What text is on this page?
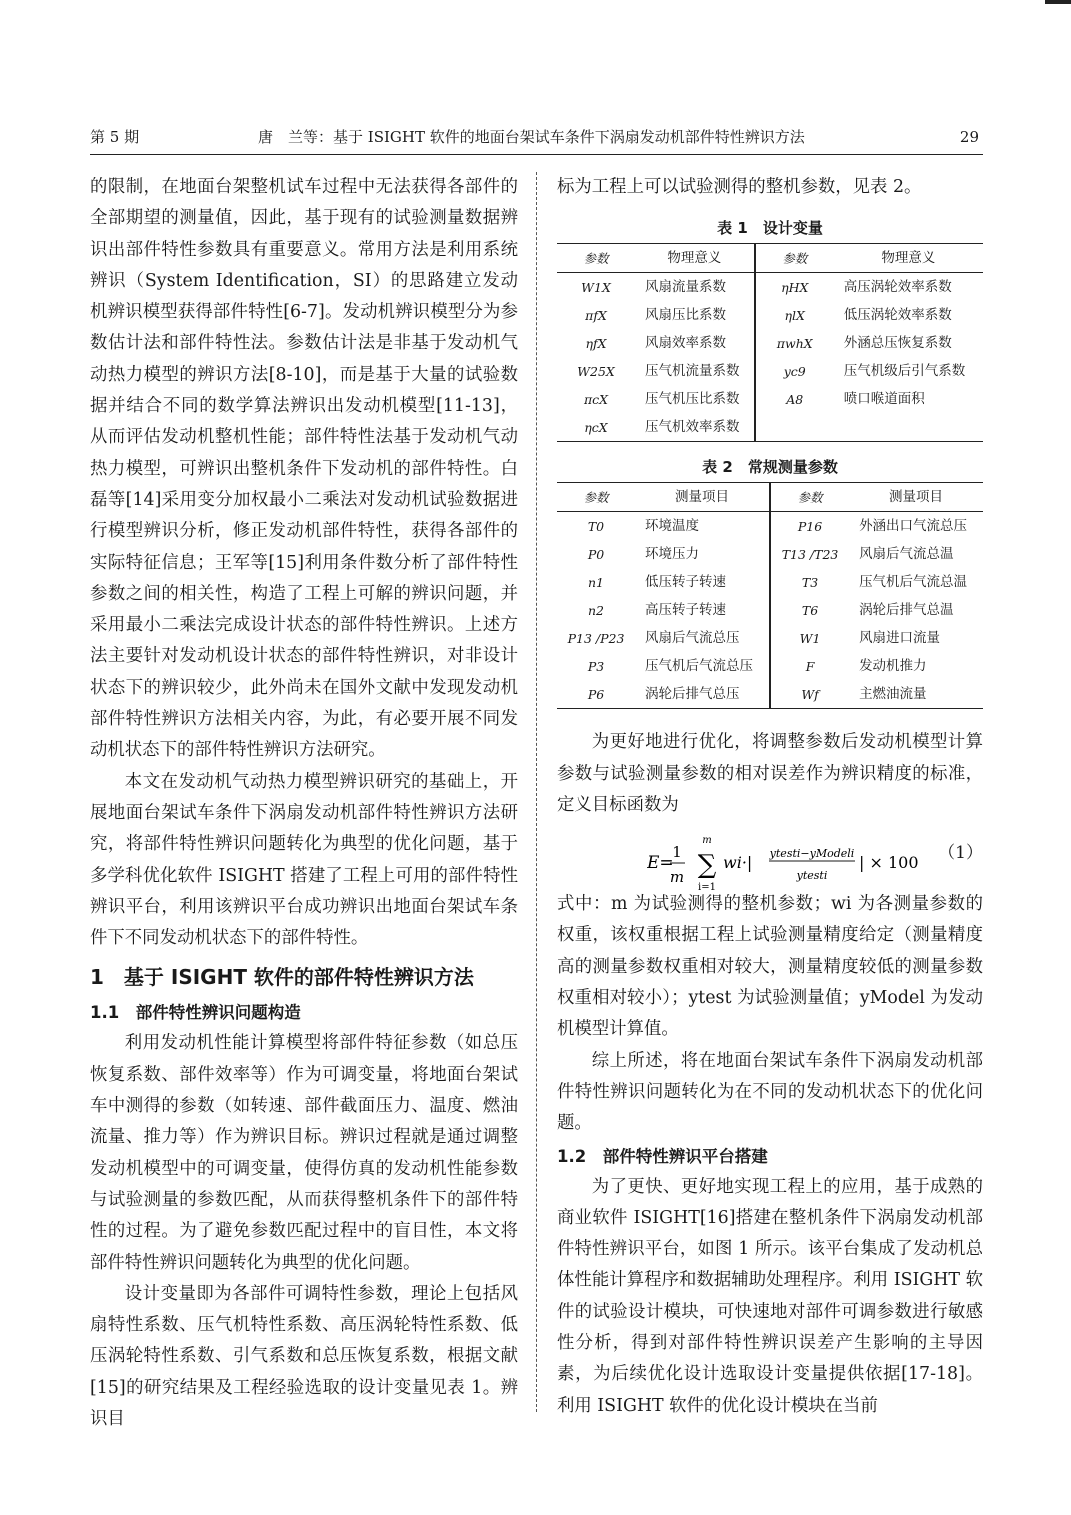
第 5 期	唐　兰等：基于 ISIGHT 软件的地面台架试车条件下涡扇发动机部件特性辨识方法	29

的限制，在地面台架整机试车过程中无法获得各部件的全部期望的测量值，因此，基于现有的试验测量数据辨识出部件特性参数具有重要意义。常用方法是利用系统辨识（System Identification，SI）的思路建立发动机辨识模型获得部件特性[6-7]。发动机辨识模型分为参数估计法和部件特性法。参数估计法是非基于发动机气动热力模型的辨识方法[8-10]，而是基于大量的试验数据并结合不同的数学算法辨识出发动机模型[11-13]，从而评估发动机整机性能；部件特性法基于发动机气动热力模型，可辨识出整机条件下发动机的部件特性。白磊等[14]采用变分加权最小二乘法对发动机试验数据进行模型辨识分析，修正发动机部件特性，获得各部件的实际特征信息；王军等[15]利用条件数分析了部件特性参数之间的相关性，构造了工程上可解的辨识问题，并采用最小二乘法完成设计状态的部件特性辨识。上述方法主要针对发动机设计状态的部件特性辨识，对非设计状态下的辨识较少，此外尚未在国外文献中发现发动机部件特性辨识方法相关内容，为此，有必要开展不同发动机状态下的部件特性辨识方法研究。

本文在发动机气动热力模型辨识研究的基础上，开展地面台架试车条件下涡扇发动机部件特性辨识方法研究，将部件特性辨识问题转化为典型的优化问题，基于多学科优化软件 ISIGHT 搭建了工程上可用的部件特性辨识平台，利用该辨识平台成功辨识出地面台架试车条件下不同发动机状态下的部件特性。

1　基于 ISIGHT 软件的部件特性辨识方法
1.1　部件特性辨识问题构造

利用发动机性能计算模型将部件特征参数（如总压恢复系数、部件效率等）作为可调变量，将地面台架试车中测得的参数（如转速、部件截面压力、温度、燃油流量、推力等）作为辨识目标。辨识过程就是通过调整发动机模型中的可调变量，使得仿真的发动机性能参数与试验测量的参数匹配，从而获得整机条件下的部件特性的过程。为了避免参数匹配过程中的盲目性，本文将部件特性辨识问题转化为典型的优化问题。

设计变量即为各部件可调特性参数，理论上包括风扇特性系数、压气机特性系数、高压涡轮特性系数、低压涡轮特性系数、引气系数和总压恢复系数，根据文献[15]的研究结果及工程经验选取的设计变量见表 1。辨识目

标为工程上可以试验测得的整机参数，见表 2。

表 1　设计变量
参数	物理意义	参数	物理意义
W1X	风扇流量系数	ηHX	高压涡轮效率系数
πfX	风扇压比系数	ηlX	低压涡轮效率系数
ηfX	风扇效率系数	πwhX	外涵总压恢复系数
W25X	压气机流量系数	yc9	压气机级后引气系数
πcX	压气机压比系数	A8	喷口喉道面积
ηcX	压气机效率系数		
表 2　常规测量参数
参数	测量项目	参数	测量项目
T0	环境温度	P16	外涵出口气流总压
P0	环境压力	T13 /T23	风扇后气流总温
n1	低压转子转速	T3	压气机后气流总温
n2	高压转子转速	T6	涡轮后排气总温
P13 /P23	风扇后气流总压	W1	风扇进口流量
P3	压气机后气流总压	F	发动机推力
P6	涡轮后排气总压	Wf	主燃油流量

为更好地进行优化，将调整参数后发动机模型计算参数与试验测量参数的相对误差作为辨识精度的标准，定义目标函数为

E=
1
m
m
∑
i=1
wi·| ytesti−yModeli
ytesti
| × 100 （1）

式中：m 为试验测得的整机参数；wi 为各测量参数的权重，该权重根据工程上试验测量精度给定（测量精度高的测量参数权重相对较大，测量精度较低的测量参数权重相对较小）；ytest 为试验测量值；yModel 为发动机模型计算值。

综上所述，将在地面台架试车条件下涡扇发动机部件特性辨识问题转化为在不同的发动机状态下的优化问题。

1.2　部件特性辨识平台搭建

为了更快、更好地实现工程上的应用，基于成熟的商业软件 ISIGHT[16]搭建在整机条件下涡扇发动机部件特性辨识平台，如图 1 所示。该平台集成了发动机总体性能计算程序和数据辅助处理程序。利用 ISIGHT 软件的试验设计模块，可快速地对部件可调参数进行敏感性分析，得到对部件特性辨识误差产生影响的主导因素，为后续优化设计选取设计变量提供依据[17-18]。利用 ISIGHT 软件的优化设计模块在当前
